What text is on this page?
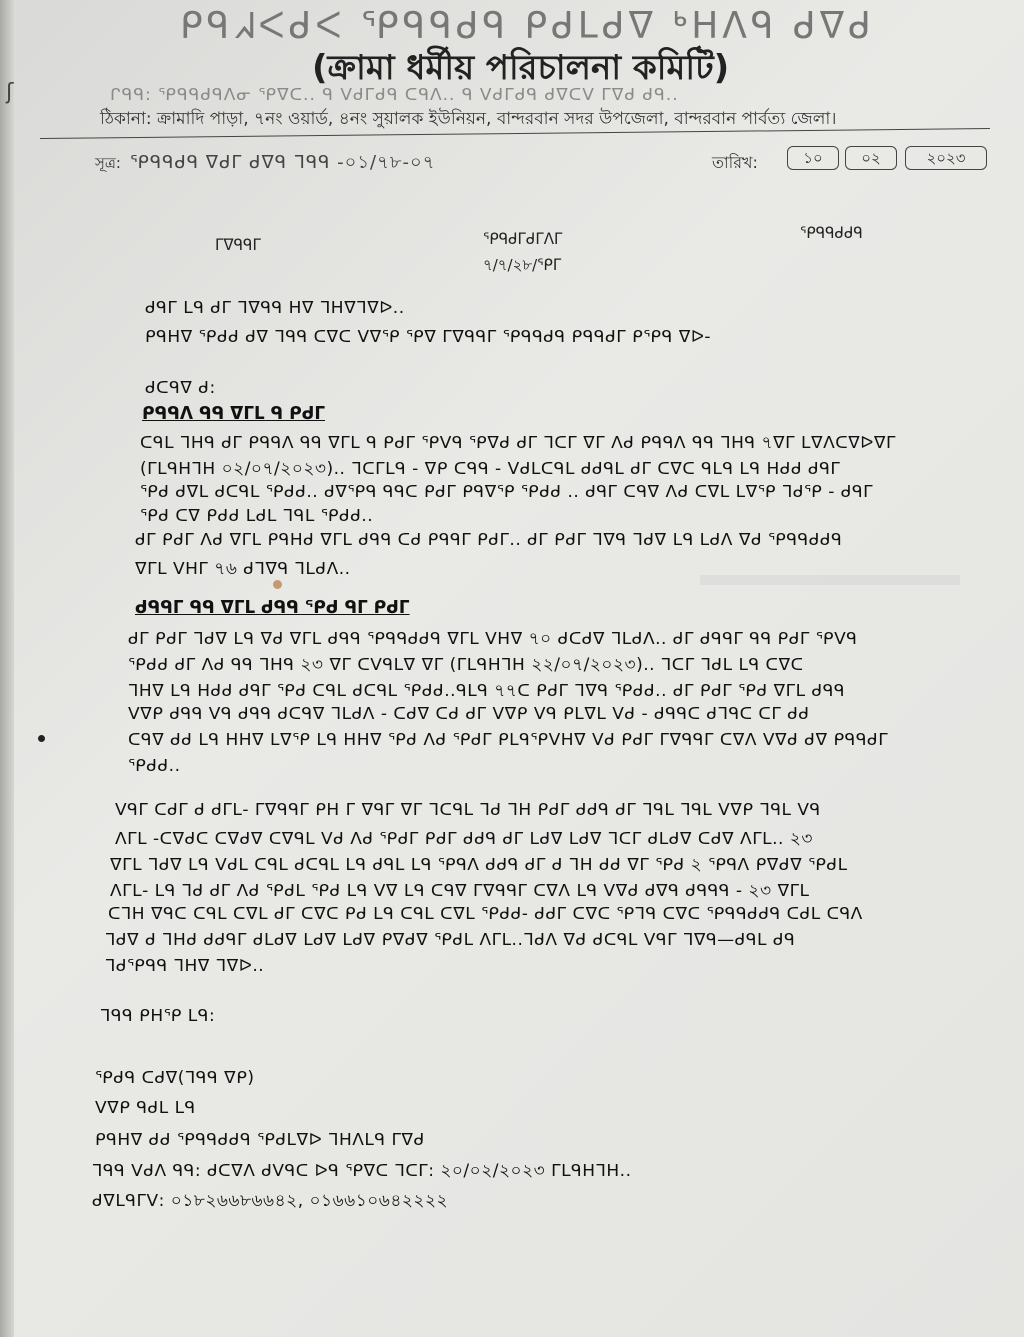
ʃ
ᑭᑫᖽᐸᑯᐸ ᕿᑫᑫᑯᑫ ᑭᑯᒪᑯᐁ ᒃᕼᐱᑫ ᑯᐁᑯ
(ক্রামা ধর্মীয় পরিচালনা কমিটি)
ᒋᑫᑫ: ᕿᑫᑫᑯᑫᐱᓂ ᕿᐁᑕ.. ᑫ ᐯᑯᒥᑯᑫ ᑕᑫᐱ.. ᑫ ᐯᑯᒥᑯᑫ ᑯᐁᑕᐯ ᒥᐁᑯ ᑯᑫ..
ঠিকানা: ক্রামাদি পাড়া, ৭নং ওয়ার্ড, ৪নং সুয়ালক ইউনিয়ন, বান্দরবান সদর উপজেলা, বান্দরবান পার্বত্য জেলা।
সূত্র: ᕿᑫᑫᑯᑫ ᐁᑯᒥ ᑯᐁᑫ ᒣᑫᑫ -০১/৭৮-০৭	তারিখ:	১০	০২	২০২৩
ᒥᐁᑫᑫᒥ	ᕿᑫᑯᒥᑯᒥᐱᒥ
৭/৭/২৮/ᕿᒥ
ᕿᑫᑫᑯᑯᑫ
ᑯᑫᒥ ᒪᑫ ᑯᒥ ᒣᐁᑫᑫ ᕼᐁ ᒣᕼᐁᒣᐁᐅ..
ᑭᑫᕼᐁ ᕿᑯᑯ ᑯᐁ ᒣᑫᑫ ᑕᐁᑕ ᐯᐁᕿ ᕿᐁ ᒥᐁᑫᑫᒥ ᕿᑫᑫᑯᑫ ᑭᑫᑫᑯᒥ ᑭᕿᑫ ᐁᐅ-
ᑯᑕᑫᐁ ᑯ:
ᑭᑫᑫᐱ ᑫᑫ ᐁᒥᒪ ᑫ ᑭᑯᒥ
ᑕᑫᒪ ᒣᕼᑫ ᑯᒥ ᑭᑫᑫᐱ ᑫᑫ ᐁᒥᒪ ᑫ ᑭᑯᒥ ᕿᐯᑫ ᕿᐁᑯ ᑯᒥ ᒣᑕᒥ ᐁᒥ ᐱᑯ ᑭᑫᑫᐱ ᑫᑫ ᒣᕼᑫ ৭ᐁᒥ ᒪᐁᐱᑕᐁᐅᐁᒥ
(ᒥᒪᑫᕼᒣᕼ ০২/০৭/২০২৩).. ᒣᑕᒥᒪᑫ - ᐁᑭ ᑕᑫᑫ - ᐯᑯᒪᑕᑫᒪ ᑯᑯᑫᒪ ᑯᒥ ᑕᐁᑕ ᑫᒪᑫ ᒪᑫ ᕼᑯᑯ ᑯᑫᒥ
ᕿᑯ ᑯᐁᒪ ᑯᑕᑫᒪ ᕿᑯᑯ.. ᑯᐁᕿᑫ ᑫᑫᑕ ᑭᑯᒥ ᑭᑫᐁᕿ ᕿᑯᑯ .. ᑯᑫᒥ ᑕᑫᐁ ᐱᑯ ᑕᐁᒪ ᒪᐁᕿ ᒣᑯᕿ - ᑯᑫᒥ
ᕿᑯ ᑕᐁ ᑭᑯᑯ ᒪᑯᒪ ᒣᑫᒪ ᕿᑯᑯ..
ᑯᒥ ᑭᑯᒥ ᐱᑯ ᐁᒥᒪ ᑭᑫᕼᑯ ᐁᒥᒪ ᑯᑫᑫ ᑕᑯ ᑭᑫᑫᒥ ᑭᑯᒥ.. ᑯᒥ ᑭᑯᒥ ᒣᐁᑫ ᒣᑯᐁ ᒪᑫ ᒪᑯᐱ ᐁᑯ ᕿᑫᑫᑯᑯᑫ
ᐁᒥᒪ ᐯᕼᒥ ৭৬ ᑯᒣᐁᑫ ᒣᒪᑯᐱ..
ᑯᑫᑫᒥ ᑫᑫ ᐁᒥᒪ ᑯᑫᑫ ᕿᑯ ᑫᒥ ᑭᑯᒥ
ᑯᒥ ᑭᑯᒥ ᒣᑯᐁ ᒪᑫ ᐁᑯ ᐁᒥᒪ ᑯᑫᑫ ᕿᑫᑫᑯᑯᑫ ᐁᒥᒪ ᐯᕼᐁ ৭০ ᑯᑕᑯᐁ ᒣᒪᑯᐱ.. ᑯᒥ ᑯᑫᑫᒥ ᑫᑫ ᑭᑯᒥ ᕿᐯᑫ
ᕿᑯᑯ ᑯᒥ ᐱᑯ ᑫᑫ ᒣᕼᑫ ২৩ ᐁᒥ ᑕᐯᑫᒪᐁ ᐁᒥ (ᒥᒪᑫᕼᒣᕼ ২২/০৭/২০২৩).. ᒣᑕᒥ ᒣᑯᒪ ᒪᑫ ᑕᐁᑕ
ᒣᕼᐁ ᒪᑫ ᕼᑯᑯ ᑯᑫᒥ ᕿᑯ ᑕᑫᒪ ᑯᑕᑫᒪ ᕿᑯᑯ..ᑫᒪᑫ ৭৭ᑕ ᑭᑯᒥ ᒣᐁᑫ ᕿᑯᑯ.. ᑯᒥ ᑭᑯᒥ ᕿᑯ ᐁᒥᒪ ᑯᑫᑫ
ᐯᐁᑭ ᑯᑫᑫ ᐯᑫ ᑯᑫᑫ ᑯᑕᑫᐁ ᒣᒪᑯᐱ - ᑕᑯᐁ ᑕᑯ ᑯᒥ ᐯᐁᑭ ᐯᑫ ᑭᒪᐁᒪ ᐯᑯ - ᑯᑫᑫᑕ ᑯᒣᑫᑕ ᑕᒥ ᑯᑯ
ᑕᑫᐁ ᑯᑯ ᒪᑫ ᕼᕼᐁ ᒪᐁᕿ ᒪᑫ ᕼᕼᐁ ᕿᑯ ᐱᑯ ᕿᑯᒥ ᑭᒪᑫᕿᐯᕼᐁ ᐯᑯ ᑭᑯᒥ ᒥᐁᑫᑫᒥ ᑕᐁᐱ ᐯᐁᑯ ᑯᐁ ᑭᑫᑫᑯᒥ
ᕿᑯᑯ..
ᐯᑫᒥ ᑕᑯᒥ ᑯ ᑯᒥᒪ- ᒥᐁᑫᑫᒥ ᑭᕼ ᒥ ᐁᑫᒥ ᐁᒥ ᒣᑕᑫᒪ ᒣᑯ ᒣᕼ ᑭᑯᒥ ᑯᑯᑫ ᑯᒥ ᒣᑫᒪ ᒣᑫᒪ ᐯᐁᑭ ᒣᑫᒪ ᐯᑫ
ᐱᒥᒪ -ᑕᐁᑯᑕ ᑕᐁᑯᐁ ᑕᐁᑫᒪ ᐯᑯ ᐱᑯ ᕿᑯᒥ ᑭᑯᒥ ᑯᑯᑫ ᑯᒥ ᒪᑯᐁ ᒪᑯᐁ ᒣᑕᒥ ᑯᒪᑯᐁ ᑕᑯᐁ ᐱᒥᒪ.. ২৩
ᐁᒥᒪ ᒣᑯᐁ ᒪᑫ ᐯᑯᒪ ᑕᑫᒪ ᑯᑕᑫᒪ ᒪᑫ ᑯᑫᒪ ᒪᑫ ᕿᑫᐱ ᑯᑯᑫ ᑯᒥ ᑯ ᒣᕼ ᑯᑯ ᐁᒥ ᕿᑯ ২ ᕿᑫᐱ ᑭᐁᑯᐁ ᕿᑯᒪ
ᐱᒥᒪ- ᒪᑫ ᒣᑯ ᑯᒥ ᐱᑯ ᕿᑯᒪ ᕿᑯ ᒪᑫ ᐯᐁ ᒪᑫ ᑕᑫᐁ ᒥᐁᑫᑫᒥ ᑕᐁᐱ ᒪᑫ ᐯᐁᑯ ᑯᐁᑫ ᑯᑫᑫᑫ - ২৩ ᐁᒥᒪ
ᑕᒣᕼ ᐁᑫᑕ ᑕᑫᒪ ᑕᐁᒪ ᑯᒥ ᑕᐁᑕ ᑭᑯ ᒪᑫ ᑕᑫᒪ ᑕᐁᒪ ᕿᑯᑯ- ᑯᑯᒥ ᑕᐁᑕ ᕿᒣᑫ ᑕᐁᑕ ᕿᑫᑫᑯᑯᑫ ᑕᑯᒪ ᑕᑫᐱ
ᒣᑯᐁ ᑯ ᒣᕼᑯ ᑯᑯᑫᒥ ᑯᒪᑯᐁ ᒪᑯᐁ ᒪᑯᐁ ᑭᐁᑯᐁ ᕿᑯᒪ ᐱᒥᒪ..ᒣᑯᐱ ᐁᑯ ᑯᑕᑫᒪ ᐯᑫᒥ ᒣᐁᑫ—ᑯᑫᒪ ᑯᑫ
ᒣᑯᕿᑫᑫ ᒣᕼᐁ ᒣᐁᐅ..
ᒣᑫᑫ ᑭᕼᕿ ᒪᑫ:
ᕿᑯᑫ ᑕᑯᐁ(ᒣᑫᑫ ᐁᑭ)
ᐯᐁᑭ ᑫᑯᒪ ᒪᑫ
ᑭᑫᕼᐁ ᑯᑯ ᕿᑫᑫᑯᑯᑫ ᕿᑯᒪᐁᐅ ᒣᕼᐱᒪᑫ ᒥᐁᑯ
ᒣᑫᑫ ᐯᑯᐱ ᑫᑫ: ᑯᑕᐁᐱ ᑯᐯᑫᑕ ᐅᑫ ᕿᐁᑕ ᒣᑕᒥ: ২০/০২/২০২৩ ᒥᒪᑫᕼᒣᕼ..
ᑯᐁᒪᑫᒥᐯ: ০১৮২৬৬৮৬৬৪২, ০১৬৬১০৬৪২২২২
